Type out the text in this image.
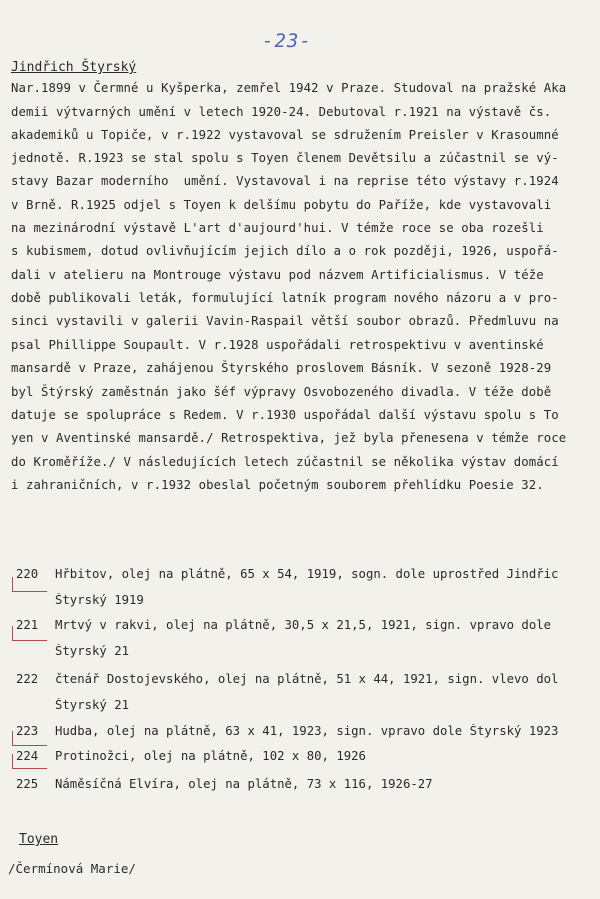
-23-
Jindřich Štyrský
Nar.1899 v Čermné u Kyšperka, zemřel 1942 v Praze. Studoval na pražské Aka
demii výtvarných umění v letech 1920-24. Debutoval r.1921 na výstavě čs.
akademiků u Topiče, v r.1922 vystavoval se sdružením Preisler v Krasoumné
jednotě. R.1923 se stal spolu s Toyen členem Devětsilu a zúčastnil se vý-
stavy Bazar moderního  umění. Vystavoval i na reprise této výstavy r.1924
v Brně. R.1925 odjel s Toyen k delšímu pobytu do Paříže, kde vystavovali
na mezinárodní výstavě L'art d'aujourd'hui. V témže roce se oba rozešli
s kubismem, dotud ovlivňujícím jejich dílo a o rok později, 1926, uspořá-
dali v atelieru na Montrouge výstavu pod názvem Artificialismus. V téže
době publikovali leták, formulující latník program nového názoru a v pro-
sinci vystavili v galerii Vavin-Raspail větší soubor obrazů. Předmluvu na
psal Phillippe Soupault. V r.1928 uspořádali retrospektivu v aventinské
mansardě v Praze, zahájenou Štyrského proslovem Básník. V sezoně 1928-29
byl Štýrský zaměstnán jako šéf výpravy Osvobozeného divadla. V téže době
datuje se spolupráce s Redem. V r.1930 uspořádal další výstavu spolu s To
yen v Aventinské mansardě./ Retrospektiva, jež byla přenesena v témže roce
do Kroměříže./ V následujících letech zúčastnil se několika výstav domácí
i zahraničních, v r.1932 obeslal početným souborem přehlídku Poesie 32.
220 Hřbitov, olej na plátně, 65 x 54, 1919, sogn. dole uprostřed Jindřic
Štyrský 1919
221 Mrtvý v rakvi, olej na plátně, 30,5 x 21,5, 1921, sign. vpravo dole
Štyrský 21
222 čtenář Dostojevského, olej na plátně, 51 x 44, 1921, sign. vlevo dol
Štyrský 21
223 Hudba, olej na plátně, 63 x 41, 1923, sign. vpravo dole Štyrský 1923
224 Protinožci, olej na plátně, 102 x 80, 1926
225 Náměsíčná Elvíra, olej na plátně, 73 x 116, 1926-27
Toyen
/Čermínová Marie/
